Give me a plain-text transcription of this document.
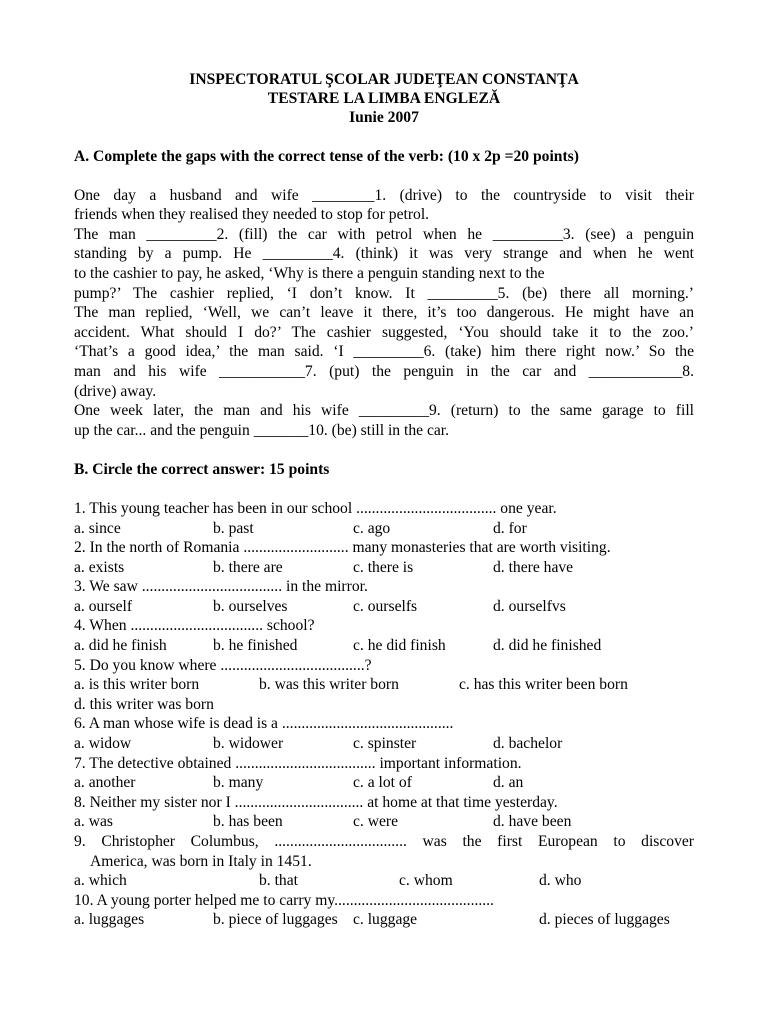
INSPECTORATUL ŞCOLAR JUDEŢEAN CONSTANŢA
TESTARE LA LIMBA ENGLEZĂ
Iunie 2007
A. Complete the gaps with the correct tense of the verb: (10 x 2p =20 points)
One day a husband and wife ________1. (drive) to the countryside to visit their
friends when they realised they needed to stop for petrol.
The man _________2. (fill) the car with petrol when he _________3. (see) a penguin
standing by a pump. He _________4. (think) it was very strange and when he went
to the cashier to pay, he asked, ‘Why is there a penguin standing next to the
pump?’ The cashier replied, ‘I don’t know. It _________5. (be) there all morning.’
The man replied, ‘Well, we can’t leave it there, it’s too dangerous. He might have an
accident. What should I do?’ The cashier suggested, ‘You should take it to the zoo.’
‘That’s a good idea,’ the man said. ‘I _________6. (take) him there right now.’ So the
man and his wife ___________7. (put) the penguin in the car and ____________8.
(drive) away.
One week later, the man and his wife _________9. (return) to the same garage to fill
up the car... and the penguin _______10. (be) still in the car.
B. Circle the correct answer: 15 points
1. This young teacher has been in our school .................................... one year.
a. since	b. past	c. ago	d. for
2. In the north of Romania ........................... many monasteries that are worth visiting.
a. exists	b. there are	c. there is	d. there have
3. We saw .................................... in the mirror.
a. ourself	b. ourselves	c. ourselfs	d. ourselfvs
4. When .................................. school?
a. did he finish	b. he finished	c. he did finish	d. did he finished
5. Do you know where .....................................?
a. is this writer born	b. was this writer born	c. has this writer been born
d. this writer was born
6. A man whose wife is dead is a ............................................
a. widow	b. widower	c. spinster	d. bachelor
7. The detective obtained .................................... important information.
a. another	b. many	c. a lot of	d. an
8. Neither my sister nor I ................................. at home at that time yesterday.
a. was	b. has been	c. were	d. have been
9. Christopher Columbus, .................................. was the first European to discover
America, was born in Italy in 1451.
a. which	b. that	c. whom	d. who
10. A young porter helped me to carry my.........................................
a. luggages	b. piece of luggages c. luggage	d. pieces of luggages
